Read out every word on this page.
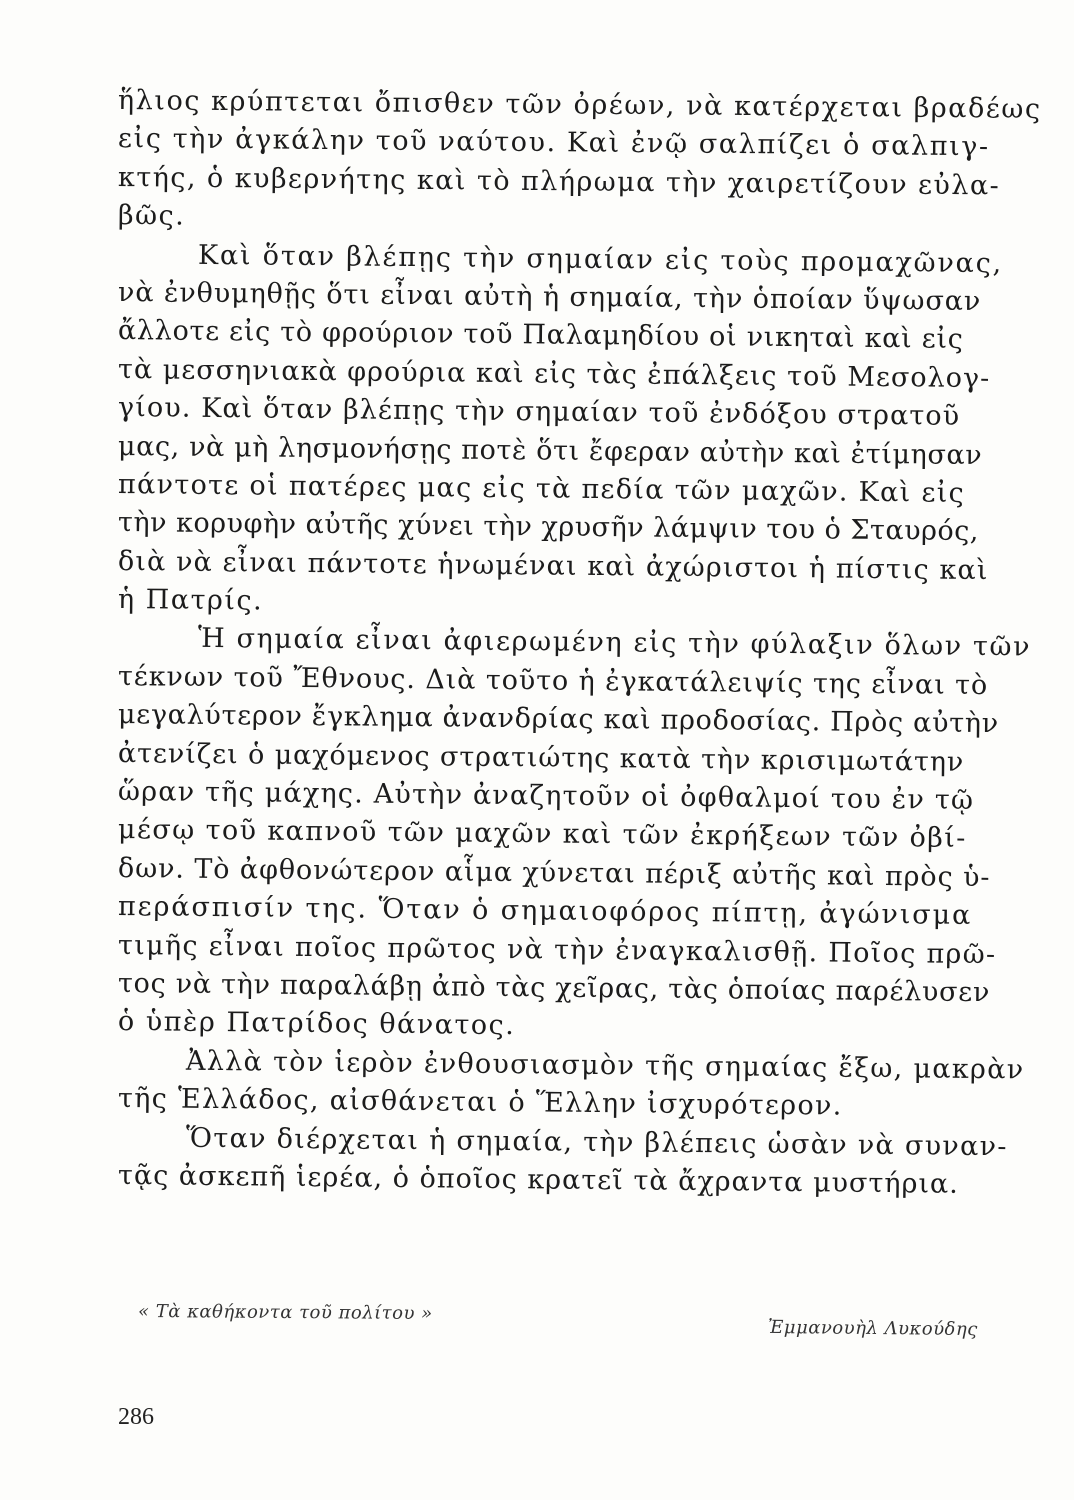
ἥλιος κρύπτεται ὄπισθεν τῶν ὀρέων, νὰ κατέρχεται βραδέως
εἰς τὴν ἀγκάλην τοῦ ναύτου. Καὶ ἐνῷ σαλπίζει ὁ σαλπιγ-
κτής, ὁ κυβερνήτης καὶ τὸ πλήρωμα τὴν χαιρετίζουν εὐλα-
βῶς.
Καὶ ὅταν βλέπῃς τὴν σημαίαν εἰς τοὺς προμαχῶνας,
νὰ ἐνθυμηθῇς ὅτι εἶναι αὐτὴ ἡ σημαία, τὴν ὁποίαν ὕψωσαν
ἄλλοτε εἰς τὸ φρούριον τοῦ Παλαμηδίου οἱ νικηταὶ καὶ εἰς
τὰ μεσσηνιακὰ φρούρια καὶ εἰς τὰς ἐπάλξεις τοῦ Μεσολογ-
γίου. Καὶ ὅταν βλέπῃς τὴν σημαίαν τοῦ ἐνδόξου στρατοῦ
μας, νὰ μὴ λησμονήσῃς ποτὲ ὅτι ἔφεραν αὐτὴν καὶ ἐτίμησαν
πάντοτε οἱ πατέρες μας εἰς τὰ πεδία τῶν μαχῶν. Καὶ εἰς
τὴν κορυφὴν αὐτῆς χύνει τὴν χρυσῆν λάμψιν του ὁ Σταυρός,
διὰ νὰ εἶναι πάντοτε ἡνωμέναι καὶ ἀχώριστοι ἡ πίστις καὶ
ἡ Πατρίς.
Ἡ σημαία εἶναι ἀφιερωμένη εἰς τὴν φύλαξιν ὅλων τῶν
τέκνων τοῦ Ἔθνους. Διὰ τοῦτο ἡ ἐγκατάλειψίς της εἶναι τὸ
μεγαλύτερον ἔγκλημα ἀνανδρίας καὶ προδοσίας. Πρὸς αὐτὴν
ἀτενίζει ὁ μαχόμενος στρατιώτης κατὰ τὴν κρισιμωτάτην
ὥραν τῆς μάχης. Αὐτὴν ἀναζητοῦν οἱ ὀφθαλμοί του ἐν τῷ
μέσῳ τοῦ καπνοῦ τῶν μαχῶν καὶ τῶν ἐκρήξεων τῶν ὀβί-
δων. Τὸ ἀφθονώτερον αἷμα χύνεται πέριξ αὐτῆς καὶ πρὸς ὑ-
περάσπισίν της. Ὅταν ὁ σημαιοφόρος πίπτῃ, ἀγώνισμα
τιμῆς εἶναι ποῖος πρῶτος νὰ τὴν ἐναγκαλισθῇ. Ποῖος πρῶ-
τος νὰ τὴν παραλάβῃ ἀπὸ τὰς χεῖρας, τὰς ὁποίας παρέλυσεν
ὁ ὑπὲρ Πατρίδος θάνατος.
Ἀλλὰ τὸν ἱερὸν ἐνθουσιασμὸν τῆς σημαίας ἔξω, μακρὰν
τῆς Ἑλλάδος, αἰσθάνεται ὁ Ἕλλην ἰσχυρότερον.
Ὅταν διέρχεται ἡ σημαία, τὴν βλέπεις ὡσὰν νὰ συναν-
τᾷς ἀσκεπῆ ἱερέα, ὁ ὁποῖος κρατεῖ τὰ ἄχραντα μυστήρια.
« Τὰ καθήκοντα τοῦ πολίτου »
Ἐμμανουὴλ Λυκούδης
286
